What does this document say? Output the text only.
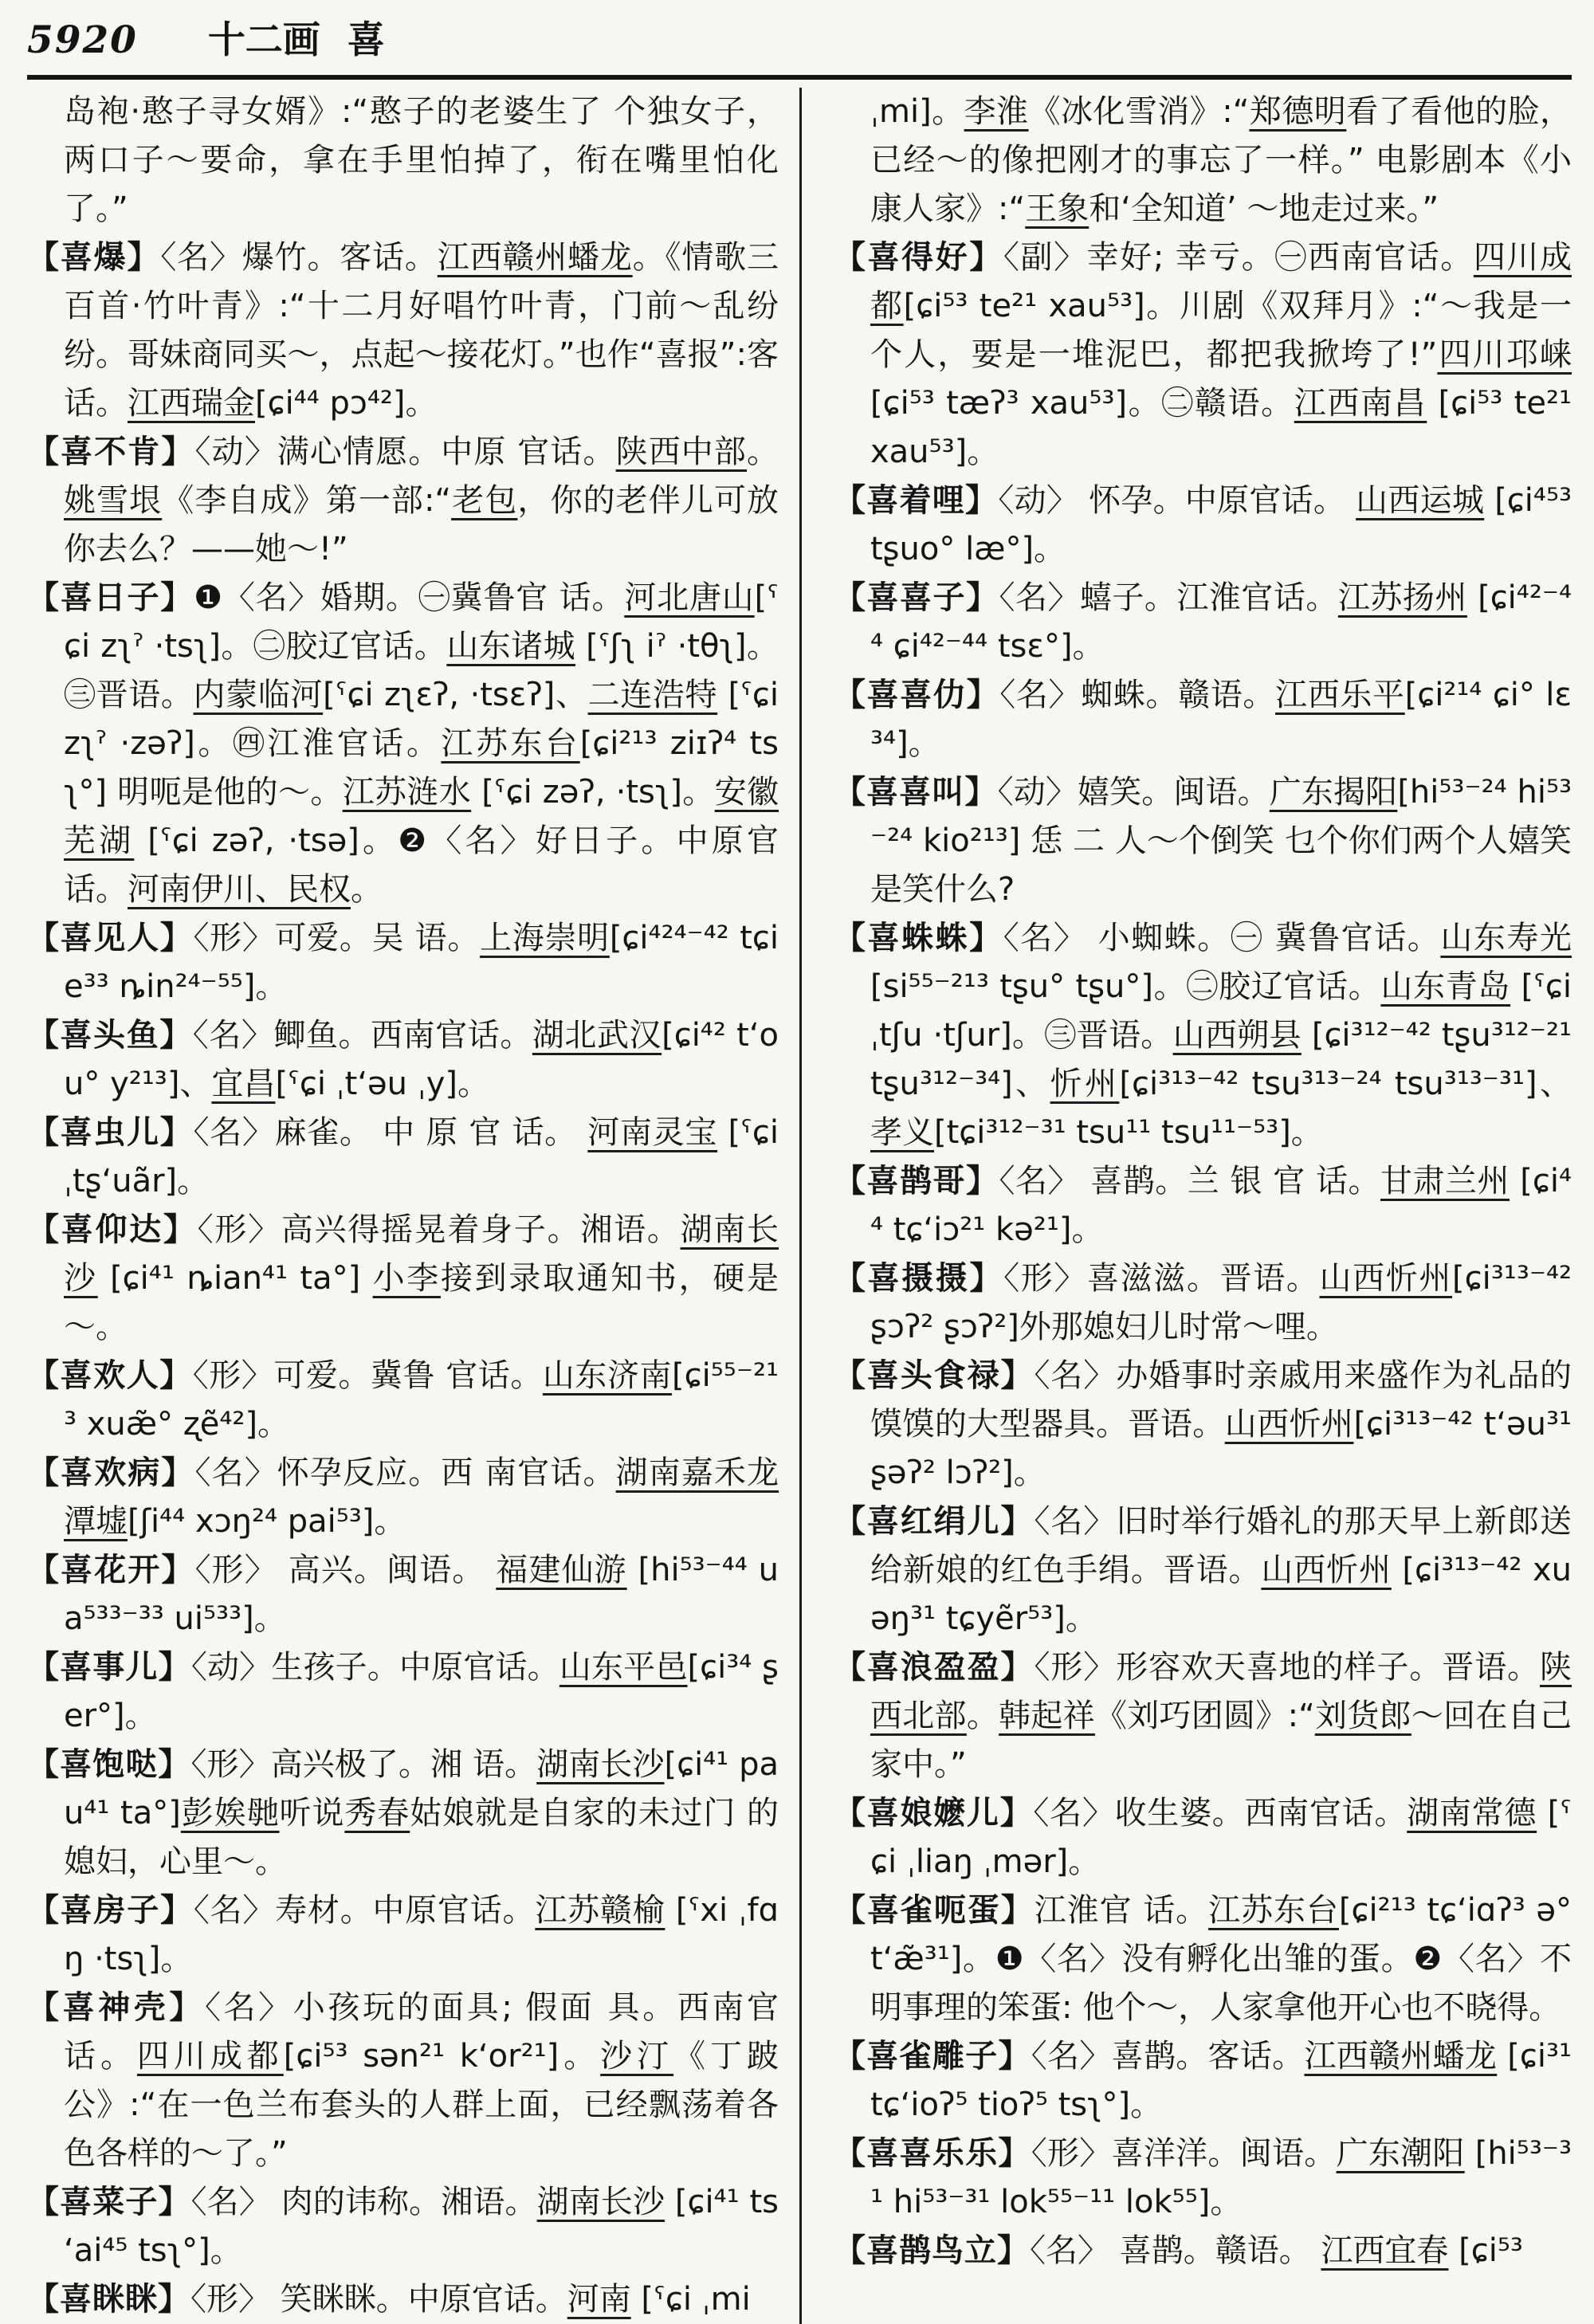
5920 十二画 喜
岛袍·憨子寻女婿》:“憨子的老婆生了 个独女子，两口子～要命，拿在手里怕掉了，衔在嘴里怕化了。”
【喜爆】〈名〉爆竹。客话。江西赣州蟠龙。《情歌三百首·竹叶青》:“十二月好唱竹叶青，门前～乱纷纷。哥妹商同买～，点起～接花灯。”也作“喜报”:客话。江西瑞金[ɕi⁴⁴ pɔ⁴²]。
【喜不肯】〈动〉满心情愿。中原 官话。陕西中部。姚雪垠《李自成》第一部:“老包，你的老伴儿可放你去么？——她～!”
【喜日子】❶〈名〉婚期。㊀冀鲁官 话。河北唐山[ˤɕi zʅˀ ·tsʅ]。㊁胶辽官话。山东诸城 [ˤʃʅ iˀ ·tθʅ]。㊂晋语。内蒙临河[ˤɕi zʅɛʔ, ·tsɛʔ]、二连浩特 [ˤɕi zʅˀ ·zəʔ]。㊃江淮官话。江苏东台[ɕi²¹³ ziɪʔ⁴ tsʅ°] 明呃是他的～。江苏涟水 [ˤɕi zəʔ, ·tsʅ]。安徽芜湖 [ˤɕi zəʔ, ·tsə]。❷〈名〉好日子。中原官话。河南伊川、民权。
【喜见人】〈形〉可爱。吴 语。上海崇明[ɕi⁴²⁴⁻⁴² tɕie³³ ȵin²⁴⁻⁵⁵]。
【喜头鱼】〈名〉鲫鱼。西南官话。湖北武汉[ɕi⁴² tʻou° y²¹³]、宜昌[ˤɕi ˌtʻəu ˌy]。
【喜虫儿】〈名〉麻雀。 中 原 官 话。 河南灵宝 [ˤɕi ˌtʂʻuãr]。
【喜仰达】〈形〉高兴得摇晃着身子。湘语。湖南长沙 [ɕi⁴¹ ȵian⁴¹ ta°] 小李接到录取通知书，硬是～。
【喜欢人】〈形〉可爱。冀鲁 官话。山东济南[ɕi⁵⁵⁻²¹³ xuæ̃° ʐẽ⁴²]。
【喜欢病】〈名〉怀孕反应。西 南官话。湖南嘉禾龙潭墟[ʃi⁴⁴ xɔŋ²⁴ pai⁵³]。
【喜花开】〈形〉 高兴。闽语。 福建仙游 [hi⁵³⁻⁴⁴ ua⁵³³⁻³³ ui⁵³³]。
【喜事儿】〈动〉生孩子。中原官话。山东平邑[ɕi³⁴ ʂer°]。
【喜饱哒】〈形〉高兴极了。湘 语。湖南长沙[ɕi⁴¹ pau⁴¹ ta°]彭娭毑听说秀春姑娘就是自家的未过门 的 媳妇，心里～。
【喜房子】〈名〉寿材。中原官话。江苏赣榆 [ˤxi ˌfɑŋ ·tsʅ]。
【喜神壳】〈名〉小孩玩的面具; 假面 具。西南官话。四川成都[ɕi⁵³ sən²¹ kʻor²¹]。沙汀《丁跛公》:“在一色兰布套头的人群上面，已经飘荡着各色各样的～了。”
【喜菜子】〈名〉 肉的讳称。湘语。湖南长沙 [ɕi⁴¹ tsʻai⁴⁵ tsʅ°]。
【喜眯眯】〈形〉 笑眯眯。中原官话。河南 [ˤɕi ˌmi
ˌmi]。李淮《冰化雪消》:“郑德明看了看他的脸，已经～的像把刚才的事忘了一样。” 电影剧本《小康人家》:“王象和‘全知道’ ～地走过来。”
【喜得好】〈副〉幸好; 幸亏。㊀西南官话。四川成都[ɕi⁵³ te²¹ xau⁵³]。川剧《双拜月》:“～我是一个人，要是一堆泥巴，都把我掀垮了!”四川邛崃 [ɕi⁵³ tæʔ³ xau⁵³]。㊁赣语。江西南昌 [ɕi⁵³ te²¹ xau⁵³]。
【喜着哩】〈动〉 怀孕。中原官话。 山西运城 [ɕi⁴⁵³ tʂuo° læ°]。
【喜喜子】〈名〉蟢子。江淮官话。江苏扬州 [ɕi⁴²⁻⁴⁴ ɕi⁴²⁻⁴⁴ tsɛ°]。
【喜喜仂】〈名〉蜘蛛。赣语。江西乐平[ɕi²¹⁴ ɕi° lɛ³⁴]。
【喜喜叫】〈动〉嬉笑。闽语。广东揭阳[hi⁵³⁻²⁴ hi⁵³⁻²⁴ kio²¹³] 恁 二 人～个倒笑 乜个你们两个人嬉笑是笑什么?
【喜蛛蛛】〈名〉 小蜘蛛。㊀ 冀鲁官话。山东寿光[si⁵⁵⁻²¹³ tʂu° tʂu°]。㊁胶辽官话。山东青岛 [ˤɕi ˌtʃu ·tʃur]。㊂晋语。山西朔县 [ɕi³¹²⁻⁴² tʂu³¹²⁻²¹ tʂu³¹²⁻³⁴]、忻州[ɕi³¹³⁻⁴² tsu³¹³⁻²⁴ tsu³¹³⁻³¹]、孝义[tɕi³¹²⁻³¹ tsu¹¹ tsu¹¹⁻⁵³]。
【喜鹊哥】〈名〉 喜鹊。兰 银 官 话。甘肃兰州 [ɕi⁴⁴ tɕʻiɔ²¹ kə²¹]。
【喜摄摄】〈形〉喜滋滋。晋语。山西忻州[ɕi³¹³⁻⁴² ʂɔʔ² ʂɔʔ²]外那媳妇儿时常～哩。
【喜头食禄】〈名〉办婚事时亲戚用来盛作为礼品的馍馍的大型器具。晋语。山西忻州[ɕi³¹³⁻⁴² tʻəu³¹ ʂəʔ² lɔʔ²]。
【喜红绢儿】〈名〉旧时举行婚礼的那天早上新郎送给新娘的红色手绢。晋语。山西忻州 [ɕi³¹³⁻⁴² xuəŋ³¹ tɕyẽr⁵³]。
【喜浪盈盈】〈形〉形容欢天喜地的样子。晋语。陕西北部。韩起祥《刘巧团圆》:“刘货郎～回在自己家中。”
【喜娘嬷儿】〈名〉收生婆。西南官话。湖南常德 [ˤɕi ˌliaŋ ˌmər]。
【喜雀呃蛋】江淮官 话。江苏东台[ɕi²¹³ tɕʻiɑʔ³ ə° tʻæ̃³¹]。❶〈名〉没有孵化出雏的蛋。❷〈名〉不明事理的笨蛋: 他个～，人家拿他开心也不晓得。
【喜雀雕子】〈名〉喜鹊。客话。江西赣州蟠龙 [ɕi³¹ tɕʻioʔ⁵ tioʔ⁵ tsʅ°]。
【喜喜乐乐】〈形〉喜洋洋。闽语。广东潮阳 [hi⁵³⁻³¹ hi⁵³⁻³¹ lok⁵⁵⁻¹¹ lok⁵⁵]。
【喜鹊鸟立】〈名〉 喜鹊。赣语。 江西宜春 [ɕi⁵³
